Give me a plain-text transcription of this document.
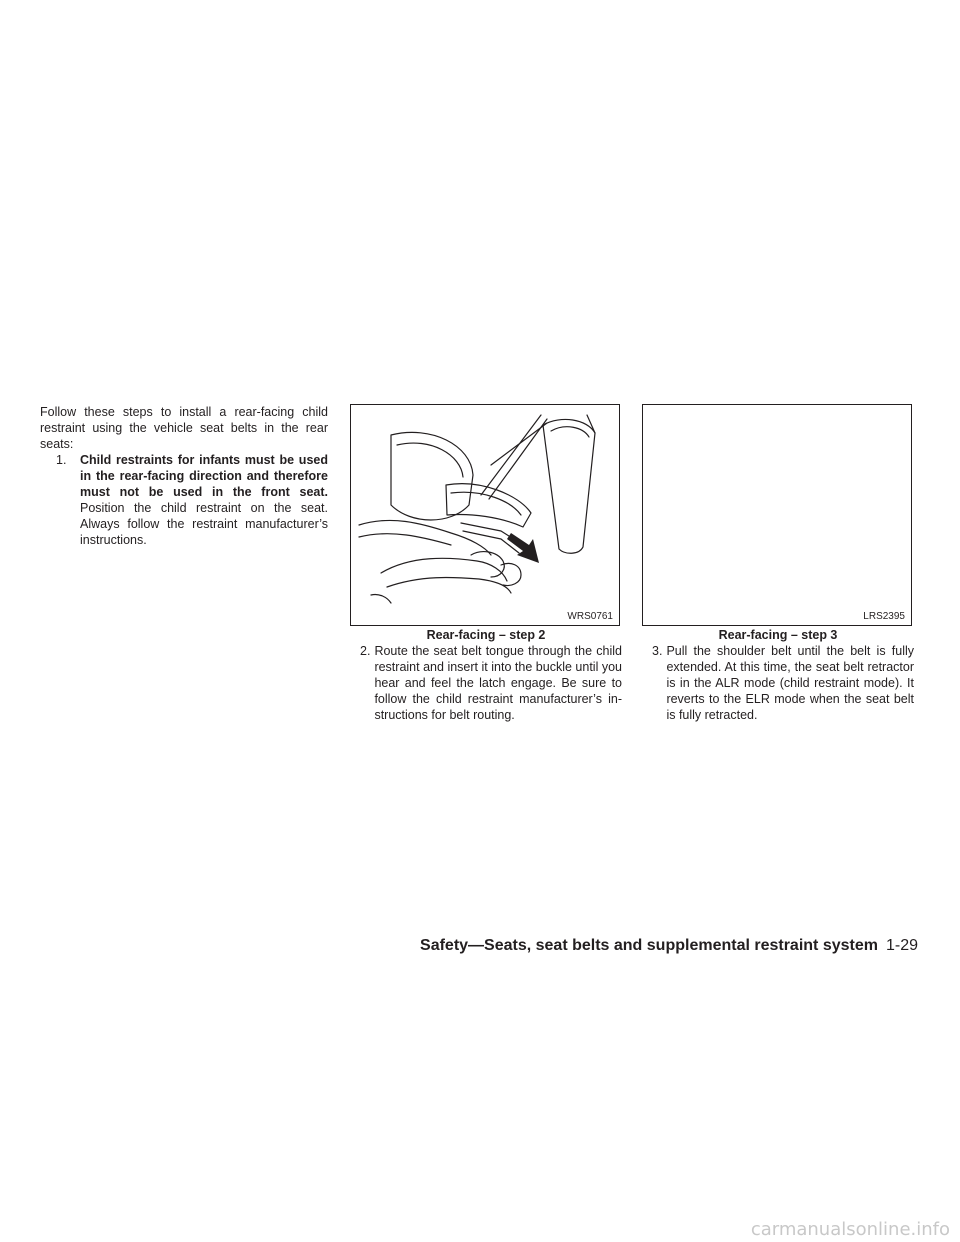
Follow these steps to install a rear-facing child restraint using the vehicle seat belts in the rear seats:

1.	Child restraints for infants must be used in the rear-facing direction and therefore must not be used in the front seat. Position the child restraint on the seat. Always follow the restraint manufacturer’s instructions.
WRS0761

Rear-facing – step 2

2. Route the seat belt tongue through the child restraint and insert it into the buckle until you hear and feel the latch engage. Be sure to follow the child restraint manufacturer’s in-structions for belt routing.
LRS2395

Rear-facing – step 3

3. Pull the shoulder belt until the belt is fully extended. At this time, the seat belt retractor is in the ALR mode (child restraint mode). It reverts to the ELR mode when the seat belt is fully retracted.
Safety—Seats, seat belts and supplemental restraint system 1-29
carmanualsonline.info
